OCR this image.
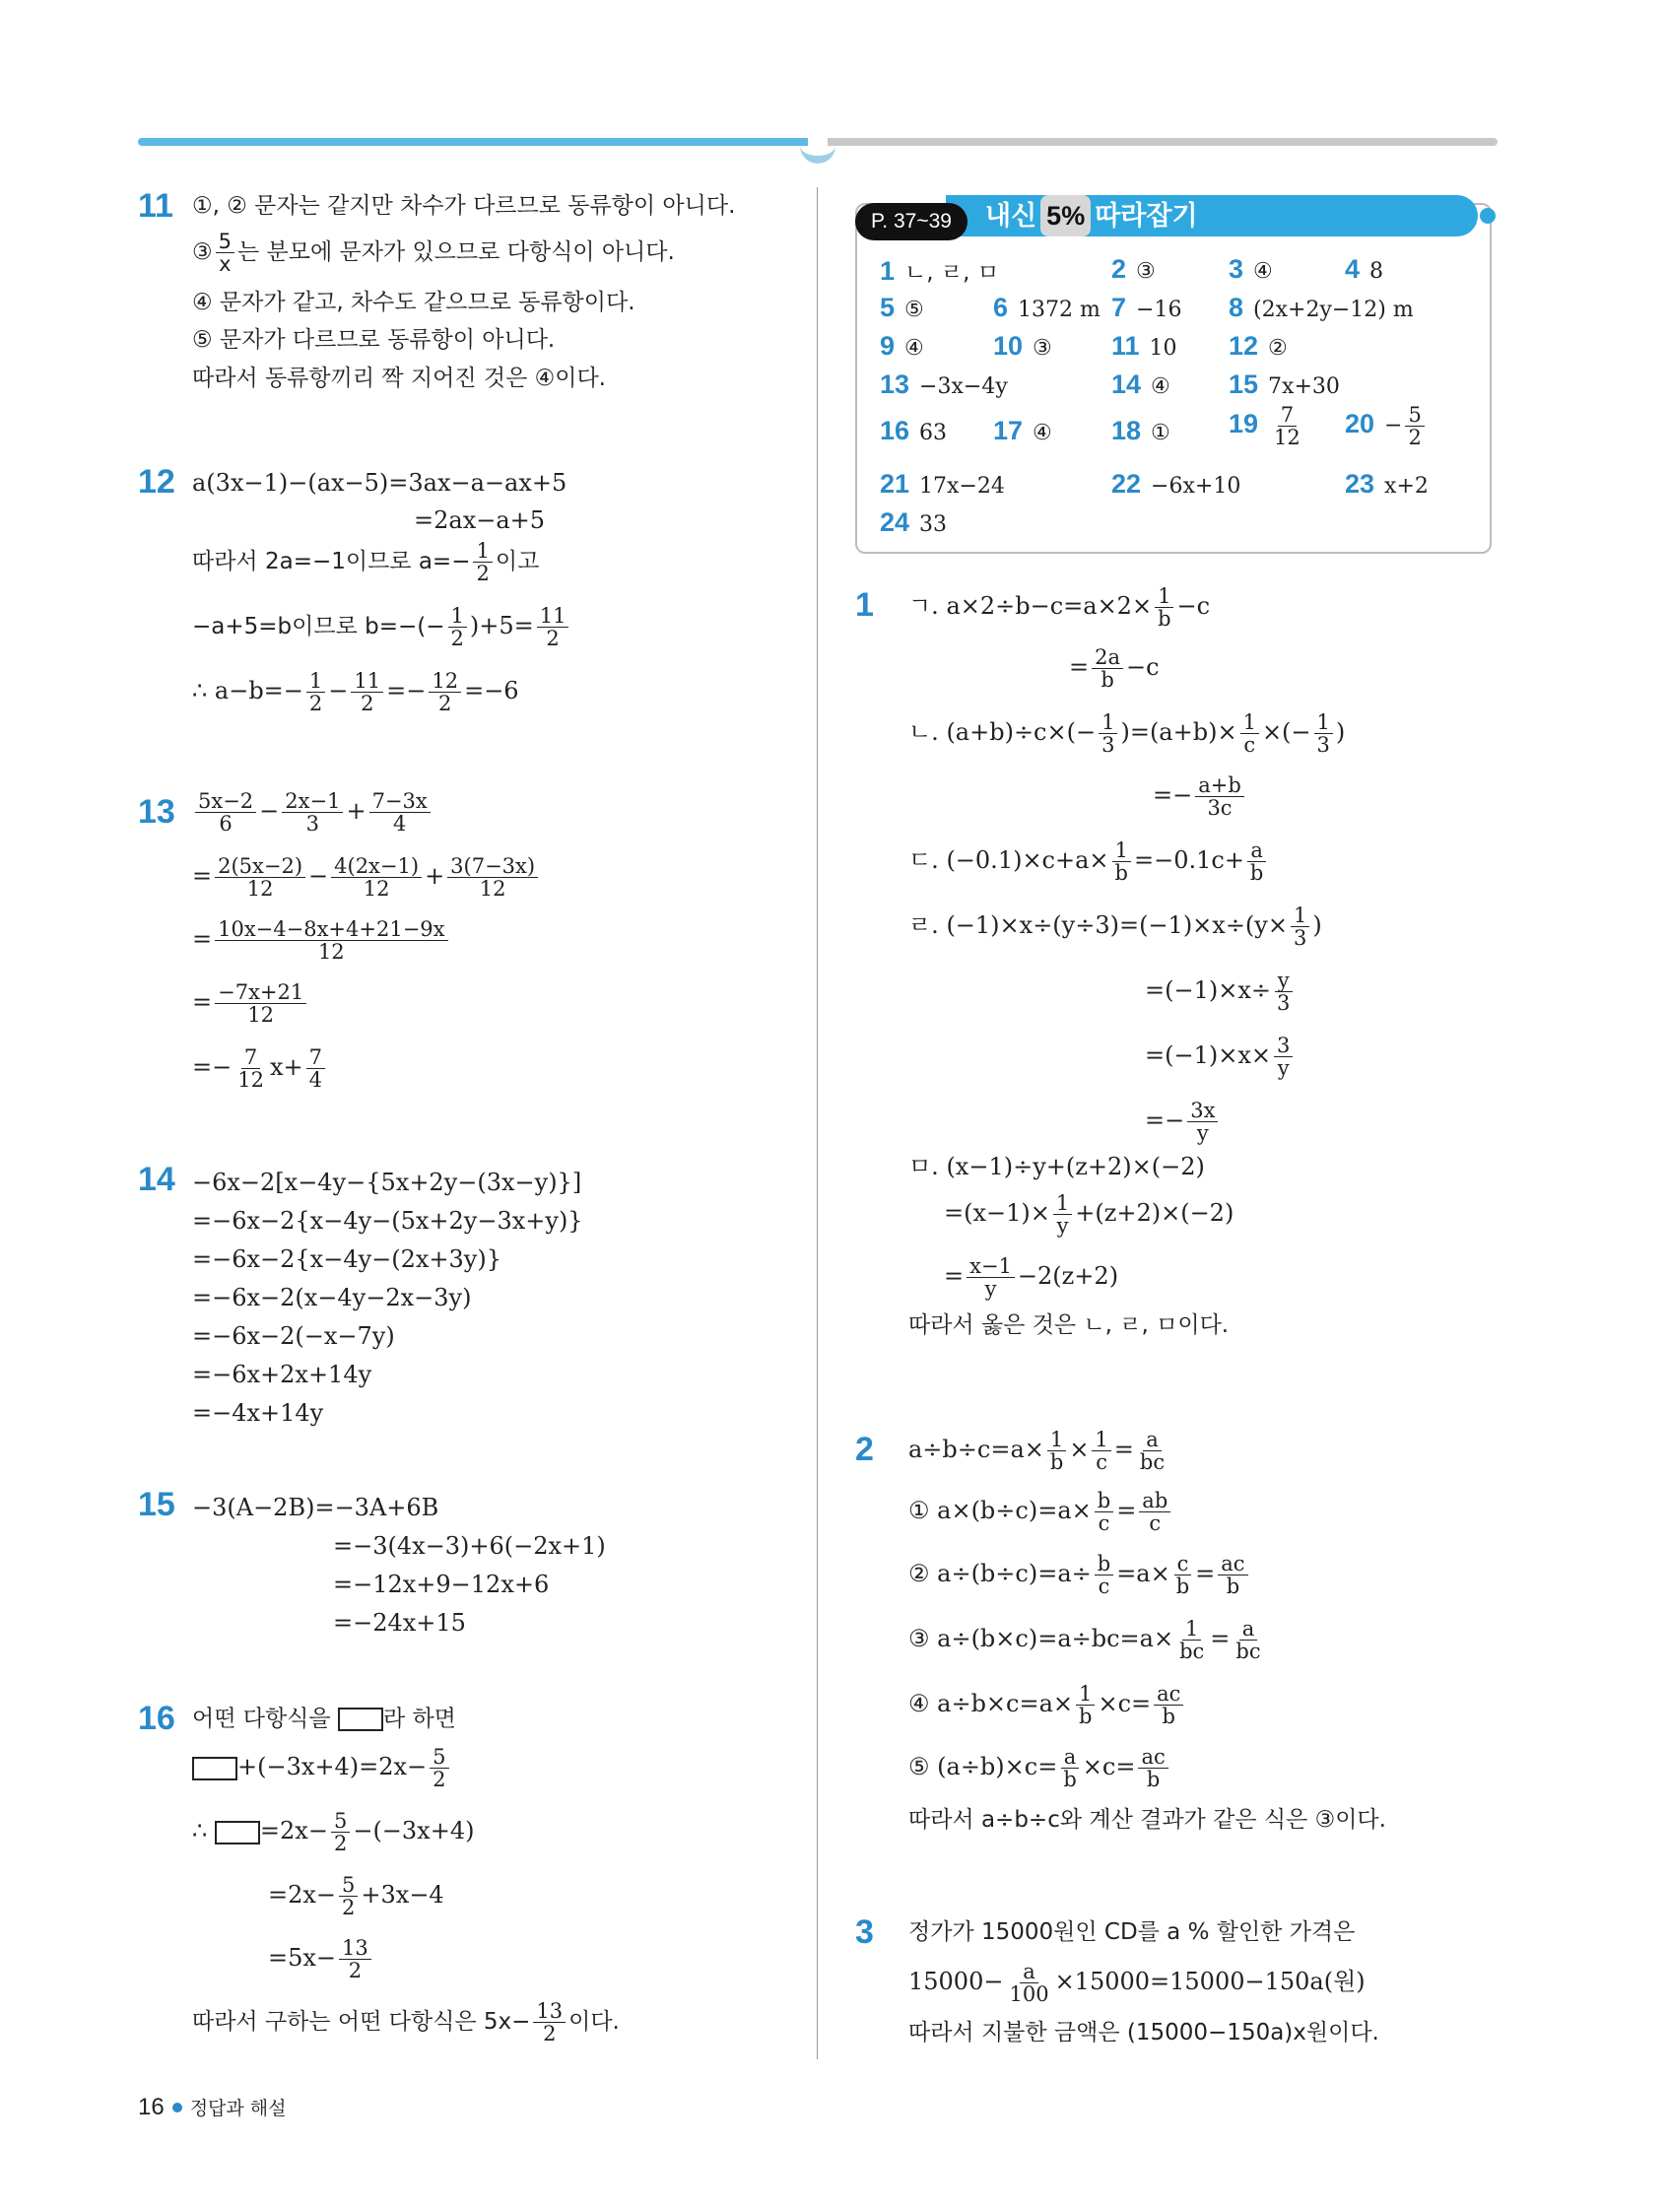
11 ①, ② 문자는 같지만 차수가 다르므로 동류항이 아니다.
③ $\frac{5}{x}$ 는 분모에 문자가 있으므로 다항식이 아니다.
④ 문자가 같고, 차수도 같으므로 동류항이다.
⑤ 문자가 다르므로 동류항이 아니다.
따라서 동류항끼리 짝 지어진 것은 ④이다.
12 a(3x−1)−(ax−5)=3ax−a−ax+5
=2ax−a+5
따라서 2a=−1이므로 $a=- \frac{1}{2}$ 이고
−a+5=b이므로 $b=-(- \frac{1}{2} )+5= \frac{11}{2}$
∴ $a-b=- \frac{1}{2} - \frac{11}{2} =- \frac{12}{2} =-6$
$13 \frac{5x-2}{6} - \frac{2x-1}{3} + \frac{7-3x}{4}$
= $\frac{2(5x-2)}{12} - \frac{4(2x-1)}{12} + \frac{3(7-3x)}{12}$
= $\frac{10x-4-8x+4+21-9x}{12}$
= $\frac{-7x+21}{12}$
=− $\frac{7}{12} x+ \frac{7}{4}$
14 −6x−2[x−4y−{5x+2y−(3x−y)}]
=−6x−2{x−4y−(5x+2y−3x+y)}
=−6x−2{x−4y−(2x+3y)}
=−6x−2(x−4y−2x−3y)
=−6x−2(−x−7y)
=−6x+2x+14y
=−4x+14y
15 −3(A−2B)=−3A+6B
=−3(4x−3)+6(−2x+1)
=−12x+9−12x+6
=−24x+15
16 어떤 다항식을 라 하면
$+(-3x+4)=2x- \frac{5}{2}$
∴ $=2x- \frac{5}{2} -(-3x+4)$
$=2x- \frac{5}{2} +3x-4$
$=5x- \frac{13}{2}$
따라서 구하는 어떤 다항식은 $5x- \frac{13}{2}$ 이다.
내신 5% 따라잡기
P. 37~39
1 ㄴ, ㄹ, ㅁ	2 ③	3 ④	4 8
5 ⑤	6 1372 m 7 −16 8 (2x+2y−12) m
9 ④	10 ③ 11 10 12 ②
13 −3x−4y	14 ④ 15 7x+30
16 63 17 ④ 18 ① $19 \frac{7}{12} 20 - \frac{5}{2}$
21 17x−24	22 −6x+10	23 x+2
24 33
1 ㄱ. $a\times 2\div b-c=a\times 2\times \frac{1}{b} -c$
= $\frac{2a}{b} -c$
ㄴ. $(a+b)\div c\times(- \frac{1}{3} )=(a+b)\times \frac{1}{c}$ ×(− $\frac{1}{3}$ )
=− $\frac{a+b}{3c}$
ㄷ. $(-0.1)\times c+a\times \frac{1}{b} =-0.1c+ \frac{a}{b}$
ㄹ. $(-1)\times x\div(y\div 3)=(-1)\times x\div(y\times \frac{1}{3}$ )
$=(-1)\times x\div \frac{y}{3}$
$=(-1)\times x\times \frac{3}{y}$
=− $\frac{3x}{y}$
ㅁ. (x−1)÷y+(z+2)×(−2)
$=(x-1)\times \frac{1}{y} +(z+2)\times(-2)$
= $\frac{x-1}{y} -2(z+2)$
따라서 옳은 것은 ㄴ, ㄹ, ㅁ이다.
2 $a\div b\div c=a\times \frac{1}{b} \times \frac{1}{c} = \frac{a}{bc}$
① $a\times(b\div c)=a\times \frac{b}{c} = \frac{ab}{c}$
② $a\div(b\div c)=a\div \frac{b}{c} =a\times \frac{c}{b} = \frac{ac}{b}$
③ $a\div(b\times c)=a\div bc=a\times \frac{1}{bc} = \frac{a}{bc}$
④ $a\div b\times c=a\times \frac{1}{b} \times c= \frac{ac}{b}$
⑤ $(a\div b)\times c= \frac{a}{b} \times c= \frac{ac}{b}$
따라서 a÷b÷c와 계산 결과가 같은 식은 ③이다.
3 정가가 15000원인 CD를 a % 할인한 가격은
$15000- \frac{a}{100} \times 15000=15000-150a$(원)
따라서 지불한 금액은 (15000−150a)x원이다.
16 정답과 해설
